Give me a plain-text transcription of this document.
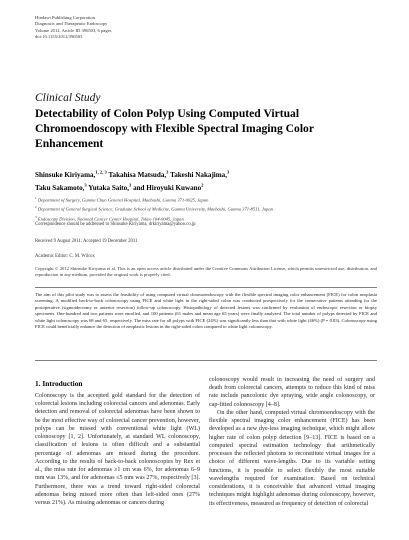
Hindawi Publishing Corporation
Diagnostic and Therapeutic Endoscopy
Volume 2012, Article ID 396503, 6 pages
doi:10.1155/2012/396503
Clinical Study
Detectability of Colon Polyp Using Computed Virtual Chromoendoscopy with Flexible Spectral Imaging Color Enhancement
Shinsuke Kiriyama,$^{1, 2, 3}$ Takahisa Matsuda,$^3$ Takeshi Nakajima,$^3$
Taku Sakamoto,$^3$ Yutaka Saito,$^3$ and Hiroyuki Kuwano$^2$
$^1$ Department of Surgery, Gunma Chuo General Hospital, Maebashi, Gunma 371-0025, Japan
$^2$ Department of General Surgical Science, Graduate School of Medicine, Gunma University, Maebashi, Gunma 371-8511, Japan
$^3$ Endoscopy Division, National Cancer Center Hospital, Tokyo 104-0045, Japan
Correspondence should be addressed to Shinsuke Kiriyama, drkiriyama@yahoo.co.jp
Received 9 August 2011; Accepted 19 December 2011
Academic Editor: C. M. Wilcox
Copyright © 2012 Shinsuke Kiriyama et al. This is an open access article distributed under the Creative Commons Attribution License, which permits unrestricted use, distribution, and reproduction in any medium, provided the original work is properly cited.
The aim of this pilot study was to assess the feasibility of using computed virtual chromoendoscopy with the flexible spectral imaging color enhancement (FICE) for colon neoplasia screening. A modified back-to-back colonoscopy using FICE and white light in the right-sided colon was conducted prospectively for the consecutive patients attending for the postoperative (sigmoidectomy or anterior resection) follow-up colonoscopy. Histopathology of detected lesions was confirmed by evaluation of endoscopic resection or biopsy specimens. One-hundred and two patients were enrolled, and 100 patients (61 males and mean age 65 years) were finally analyzed. The total number of polyps detected by FICE and white light colonoscopy was 68 and 65, respectively. The miss rate for all polyps with FICE (24%) was significantly less than that with white light (46%) (P = 0.03). Colonoscopy using FICE could beneficially enhance the detection of neoplastic lesions in the right-sided colon compared to white light colonoscopy.
1. Introduction

Colonoscopy is the accepted gold standard for the detection of colorectal lesions including colorectal cancers and adenomas. Early detection and removal of colorectal adenomas have been shown to be the most effective way of colorectal cancer prevention, however, polyps can be missed with conventional white light (WL) colonoscopy [1, 2]. Unfortunately, at standard WL colonoscopy, classification of lesions is often difficult and a substantial percentage of adenomas are missed during the procedure. According to the results of back-to-back colonoscopies by Rex et al., the miss rate for adenomas ≥1 cm was 6%, for adenomas 6–9 mm was 13%, and for adenomas ≤5 mm was 27%, respectively [3]. Furthermore, there was a trend toward right-sided colorectal adenomas being missed more often than left-sided ones (27% versus 21%). As missing adenomas or cancers during

colonoscopy would result in increasing the need of surgery and death from colorectal cancers, attempts to reduce this kind of miss rate include pancolonic dye spraying, wide angle colonoscopy, or cap-fitted colonoscopy [4–8].

On the other hand, computed virtual chromoendoscopy with the flexible spectral imaging color enhancement (FICE) has been developed as a new dye-less imaging technique, which might allow higher rate of colon polyp detection [9–13]. FICE is based on a computed spectral estimation technology that arithmetically processes the reflected photons to reconstitute virtual images for a choice of different wave-lengths. Due to its variable setting functions, it is possible to select flexibly the most suitable wavelengths required for examination. Based on technical considerations, it is conceivable that advanced virtual imaging techniques might highlight adenomas during colonoscopy, however, its effectiveness, measured as frequency of detection of colorectal
